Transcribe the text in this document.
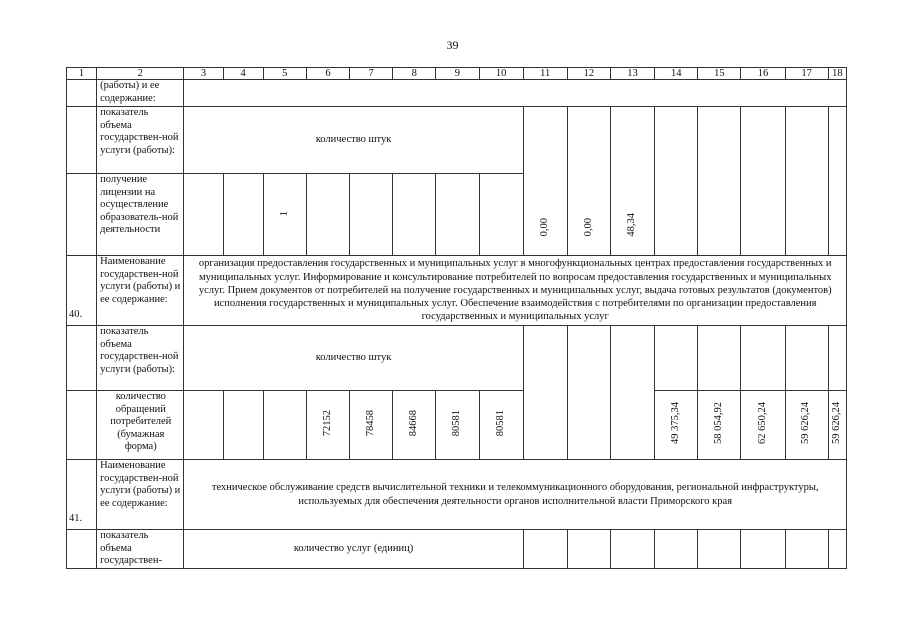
39
1	2	3	4	5	6	7	8	9	10	11	12	13	14	15	16	17	18
	(работы) и ее содержание:																
	показатель объема государствен-ной услуги (работы):	количество штук								0,00	0,00	48,34					
	получение лицензии на осуществление образователь-ной деятельности			1													
40.	Наименование государствен-ной услуги (работы) и ее содержание:	организация предоставления государственных и муниципальных услуг в многофункциональных центрах предоставления государственных и муниципальных услуг. Информирование и консультирование потребителей по вопросам предоставления государственных и муниципальных услуг. Прием документов от потребителей на получение государственных и муниципальных услуг, выдача готовых результатов (документов) исполнения государственных и муниципальных услуг. Обеспечение взаимодействия с потребителями по организации предоставления государственных и муниципальных услуг															
	показатель объема государствен-ной услуги (работы):	количество штук															
	количество обращений потребителей (бумажная форма)				72152	78458	84668	80581	80581				49 375,34	58 054,92	62 650,24	59 626,24	59 626,24
41.	Наименование государствен-ной услуги (работы) и ее содержание:	техническое обслуживание средств вычислительной техники и телекоммуникационного оборудования, региональной инфраструктуры, используемых для обеспечения деятельности органов исполнительной власти Приморского края															
	показатель объема государствен-	количество услуг (единиц)															
